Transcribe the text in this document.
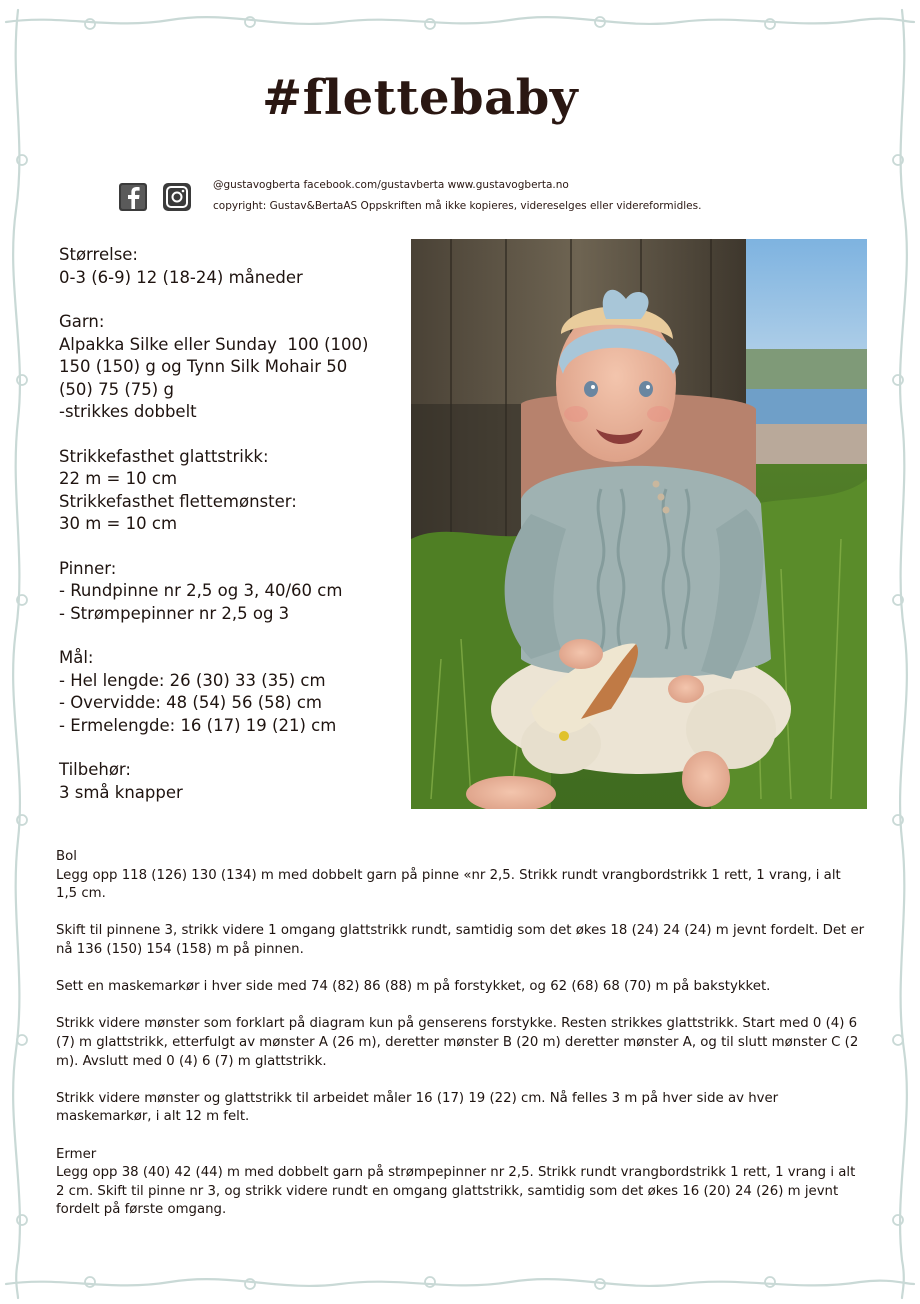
#flettebaby
@gustavogberta facebook.com/gustavberta www.gustavogberta.no
copyright: Gustav&BertaAS Oppskriften må ikke kopieres, videreselges eller videreformidles.
Størrelse:
0-3 (6-9) 12 (18-24) måneder
Garn:
Alpakka Silke eller Sunday  100 (100)
150 (150) g og Tynn Silk Mohair 50
(50) 75 (75) g
-strikkes dobbelt
Strikkefasthet glattstrikk:
22 m = 10 cm
Strikkefasthet flettemønster:
30 m = 10 cm
Pinner:
- Rundpinne nr 2,5 og 3, 40/60 cm
- Strømpepinner nr 2,5 og 3
Mål:
- Hel lengde: 26 (30) 33 (35) cm
- Overvidde: 48 (54) 56 (58) cm
- Ermelengde: 16 (17) 19 (21) cm
Tilbehør:
3 små knapper
Bol
Legg opp 118 (126) 130 (134) m med dobbelt garn på pinne «nr 2,5. Strikk rundt vrangbordstrikk 1 rett, 1 vrang, i alt 1,5 cm.
Skift til pinnene 3, strikk videre 1 omgang glattstrikk rundt, samtidig som det økes 18 (24) 24 (24) m jevnt fordelt. Det er nå 136 (150) 154 (158) m på pinnen.
Sett en maskemarkør i hver side med 74 (82) 86 (88) m på forstykket, og 62 (68) 68 (70) m på bakstykket.
Strikk videre mønster som forklart på diagram kun på genserens forstykke. Resten strikkes glattstrikk. Start med 0 (4) 6 (7) m glattstrikk, etterfulgt av mønster A (26 m), deretter mønster B (20 m) deretter mønster A, og til slutt mønster C (2 m). Avslutt med 0 (4) 6 (7) m glattstrikk.
Strikk videre mønster og glattstrikk til arbeidet måler 16 (17) 19 (22) cm. Nå felles 3 m på hver side av hver maskemarkør, i alt 12 m felt.
Ermer
Legg opp 38 (40) 42 (44) m med dobbelt garn på strømpepinner nr 2,5. Strikk rundt vrangbordstrikk 1 rett, 1 vrang i alt 2 cm. Skift til pinne nr 3, og strikk videre rundt en omgang glattstrikk, samtidig som det økes 16 (20) 24 (26) m jevnt fordelt på første omgang.
